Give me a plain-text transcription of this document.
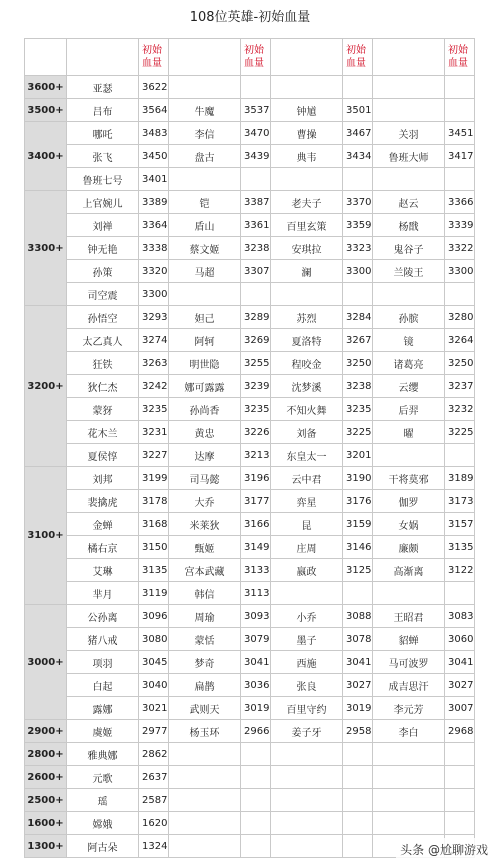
108位英雄-初始血量
		初始血量		初始血量		初始血量		初始血量
3600+	亚瑟	3622						
3500+	吕布	3564	牛魔	3537	钟馗	3501		
3400+	哪吒	3483	李信	3470	曹操	3467	关羽	3451
	张飞	3450	盘古	3439	典韦	3434	鲁班大师	3417
	鲁班七号	3401						
3300+	上官婉儿	3389	铠	3387	老夫子	3370	赵云	3366
	刘禅	3364	盾山	3361	百里玄策	3359	杨戬	3339
	钟无艳	3338	蔡文姬	3238	安琪拉	3323	鬼谷子	3322
	孙策	3320	马超	3307	澜	3300	兰陵王	3300
	司空震	3300						
3200+	孙悟空	3293	妲己	3289	苏烈	3284	孙膑	3280
	太乙真人	3274	阿轲	3269	夏洛特	3267	镜	3264
	狂铁	3263	明世隐	3255	程咬金	3250	诸葛亮	3250
	狄仁杰	3242	娜可露露	3239	沈梦溪	3238	云缨	3237
	蒙犽	3235	孙尚香	3235	不知火舞	3235	后羿	3232
	花木兰	3231	黄忠	3226	刘备	3225	曜	3225
	夏侯惇	3227	达摩	3213	东皇太一	3201		
3100+	刘邦	3199	司马懿	3196	云中君	3190	干将莫邪	3189
	裴擒虎	3178	大乔	3177	弈星	3176	伽罗	3173
	金蝉	3168	米莱狄	3166	昆	3159	女娲	3157
	橘右京	3150	甄姬	3149	庄周	3146	廉颇	3135
	艾琳	3135	宫本武藏	3133	嬴政	3125	高渐离	3122
	芈月	3119	韩信	3113				
3000+	公孙离	3096	周瑜	3093	小乔	3088	王昭君	3083
	猪八戒	3080	蒙恬	3079	墨子	3078	貂蝉	3060
	项羽	3045	梦奇	3041	西施	3041	马可波罗	3041
	白起	3040	扁鹊	3036	张良	3027	成吉思汗	3027
	露娜	3021	武则天	3019	百里守约	3019	李元芳	3007
2900+	虞姬	2977	杨玉环	2966	姜子牙	2958	李白	2968
2800+	雅典娜	2862						
2600+	元歌	2637						
2500+	瑶	2587						
1600+	嫦娥	1620						
1300+	阿古朵	1324							头条 @尬聊游戏
